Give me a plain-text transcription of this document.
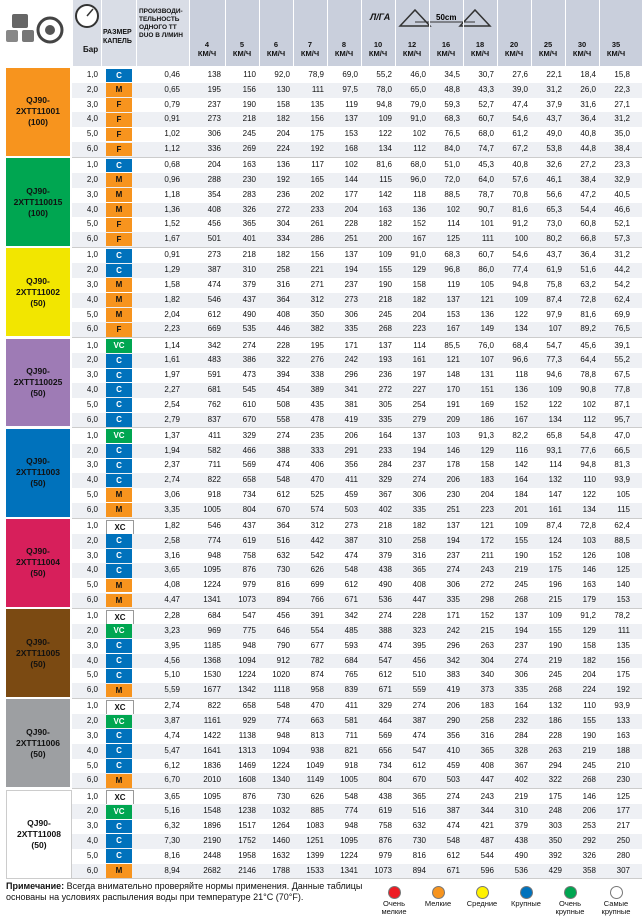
Бар
РАЗМЕР КАПЕЛЬ
ПРОИЗВОДИ-ТЕЛЬНОСТЬ ОДНОГО TT DUO В Л/МИН
Л/ГА	50cm
4
КМ/Ч
5
КМ/Ч
6
КМ/Ч
7
КМ/Ч
8
КМ/Ч
10
КМ/Ч
12
КМ/Ч
16
КМ/Ч
18
КМ/Ч
20
КМ/Ч
25
КМ/Ч
30
КМ/Ч
35
КМ/Ч
QJ90-
2XTT11001
(100)
1,0	C	0,46	138	110	92,0	78,9	69,0	55,2	46,0	34,5	30,7	27,6	22,1	18,4	15,8
2,0	M	0,65	195	156	130	111	97,5	78,0	65,0	48,8	43,3	39,0	31,2	26,0	22,3
3,0	F	0,79	237	190	158	135	119	94,8	79,0	59,3	52,7	47,4	37,9	31,6	27,1
4,0	F	0,91	273	218	182	156	137	109	91,0	68,3	60,7	54,6	43,7	36,4	31,2
5,0	F	1,02	306	245	204	175	153	122	102	76,5	68,0	61,2	49,0	40,8	35,0
6,0	F	1,12	336	269	224	192	168	134	112	84,0	74,7	67,2	53,8	44,8	38,4
QJ90-
2XTT110015
(100)
1,0	C	0,68	204	163	136	117	102	81,6	68,0	51,0	45,3	40,8	32,6	27,2	23,3
2,0	M	0,96	288	230	192	165	144	115	96,0	72,0	64,0	57,6	46,1	38,4	32,9
3,0	M	1,18	354	283	236	202	177	142	118	88,5	78,7	70,8	56,6	47,2	40,5
4,0	M	1,36	408	326	272	233	204	163	136	102	90,7	81,6	65,3	54,4	46,6
5,0	F	1,52	456	365	304	261	228	182	152	114	101	91,2	73,0	60,8	52,1
6,0	F	1,67	501	401	334	286	251	200	167	125	111	100	80,2	66,8	57,3
QJ90-
2XTT11002
(50)
1,0	C	0,91	273	218	182	156	137	109	91,0	68,3	60,7	54,6	43,7	36,4	31,2
2,0	C	1,29	387	310	258	221	194	155	129	96,8	86,0	77,4	61,9	51,6	44,2
3,0	M	1,58	474	379	316	271	237	190	158	119	105	94,8	75,8	63,2	54,2
4,0	M	1,82	546	437	364	312	273	218	182	137	121	109	87,4	72,8	62,4
5,0	M	2,04	612	490	408	350	306	245	204	153	136	122	97,9	81,6	69,9
6,0	F	2,23	669	535	446	382	335	268	223	167	149	134	107	89,2	76,5
QJ90-
2XTT110025
(50)
1,0	VC	1,14	342	274	228	195	171	137	114	85,5	76,0	68,4	54,7	45,6	39,1
2,0	C	1,61	483	386	322	276	242	193	161	121	107	96,6	77,3	64,4	55,2
3,0	C	1,97	591	473	394	338	296	236	197	148	131	118	94,6	78,8	67,5
4,0	C	2,27	681	545	454	389	341	272	227	170	151	136	109	90,8	77,8
5,0	C	2,54	762	610	508	435	381	305	254	191	169	152	122	102	87,1
6,0	C	2,79	837	670	558	478	419	335	279	209	186	167	134	112	95,7
QJ90-
2XTT11003
(50)
1,0	VC	1,37	411	329	274	235	206	164	137	103	91,3	82,2	65,8	54,8	47,0
2,0	C	1,94	582	466	388	333	291	233	194	146	129	116	93,1	77,6	66,5
3,0	C	2,37	711	569	474	406	356	284	237	178	158	142	114	94,8	81,3
4,0	C	2,74	822	658	548	470	411	329	274	206	183	164	132	110	93,9
5,0	M	3,06	918	734	612	525	459	367	306	230	204	184	147	122	105
6,0	M	3,35	1005	804	670	574	503	402	335	251	223	201	161	134	115
QJ90-
2XTT11004
(50)
1,0	XC	1,82	546	437	364	312	273	218	182	137	121	109	87,4	72,8	62,4
2,0	C	2,58	774	619	516	442	387	310	258	194	172	155	124	103	88,5
3,0	C	3,16	948	758	632	542	474	379	316	237	211	190	152	126	108
4,0	C	3,65	1095	876	730	626	548	438	365	274	243	219	175	146	125
5,0	M	4,08	1224	979	816	699	612	490	408	306	272	245	196	163	140
6,0	M	4,47	1341	1073	894	766	671	536	447	335	298	268	215	179	153
QJ90-
2XTT11005
(50)
1,0	XC	2,28	684	547	456	391	342	274	228	171	152	137	109	91,2	78,2
2,0	VC	3,23	969	775	646	554	485	388	323	242	215	194	155	129	111
3,0	C	3,95	1185	948	790	677	593	474	395	296	263	237	190	158	135
4,0	C	4,56	1368	1094	912	782	684	547	456	342	304	274	219	182	156
5,0	C	5,10	1530	1224	1020	874	765	612	510	383	340	306	245	204	175
6,0	M	5,59	1677	1342	1118	958	839	671	559	419	373	335	268	224	192
QJ90-
2XTT11006
(50)
1,0	XC	2,74	822	658	548	470	411	329	274	206	183	164	132	110	93,9
2,0	VC	3,87	1161	929	774	663	581	464	387	290	258	232	186	155	133
3,0	C	4,74	1422	1138	948	813	711	569	474	356	316	284	228	190	163
4,0	C	5,47	1641	1313	1094	938	821	656	547	410	365	328	263	219	188
5,0	C	6,12	1836	1469	1224	1049	918	734	612	459	408	367	294	245	210
6,0	M	6,70	2010	1608	1340	1149	1005	804	670	503	447	402	322	268	230
QJ90-
2XTT11008
(50)
1,0	XC	3,65	1095	876	730	626	548	438	365	274	243	219	175	146	125
2,0	VC	5,16	1548	1238	1032	885	774	619	516	387	344	310	248	206	177
3,0	C	6,32	1896	1517	1264	1083	948	758	632	474	421	379	303	253	217
4,0	C	7,30	2190	1752	1460	1251	1095	876	730	548	487	438	350	292	250
5,0	C	8,16	2448	1958	1632	1399	1224	979	816	612	544	490	392	326	280
6,0	M	8,94	2682	2146	1788	1533	1341	1073	894	671	596	536	429	358	307
Примечание: Всегда внимательно проверяйте нормы применения. Данные таблицы основаны на условиях распыления воды при температуре 21°С (70°F).
Очень мелкие
Мелкие	Средние	Крупные	Очень крупные
Самые крупные
